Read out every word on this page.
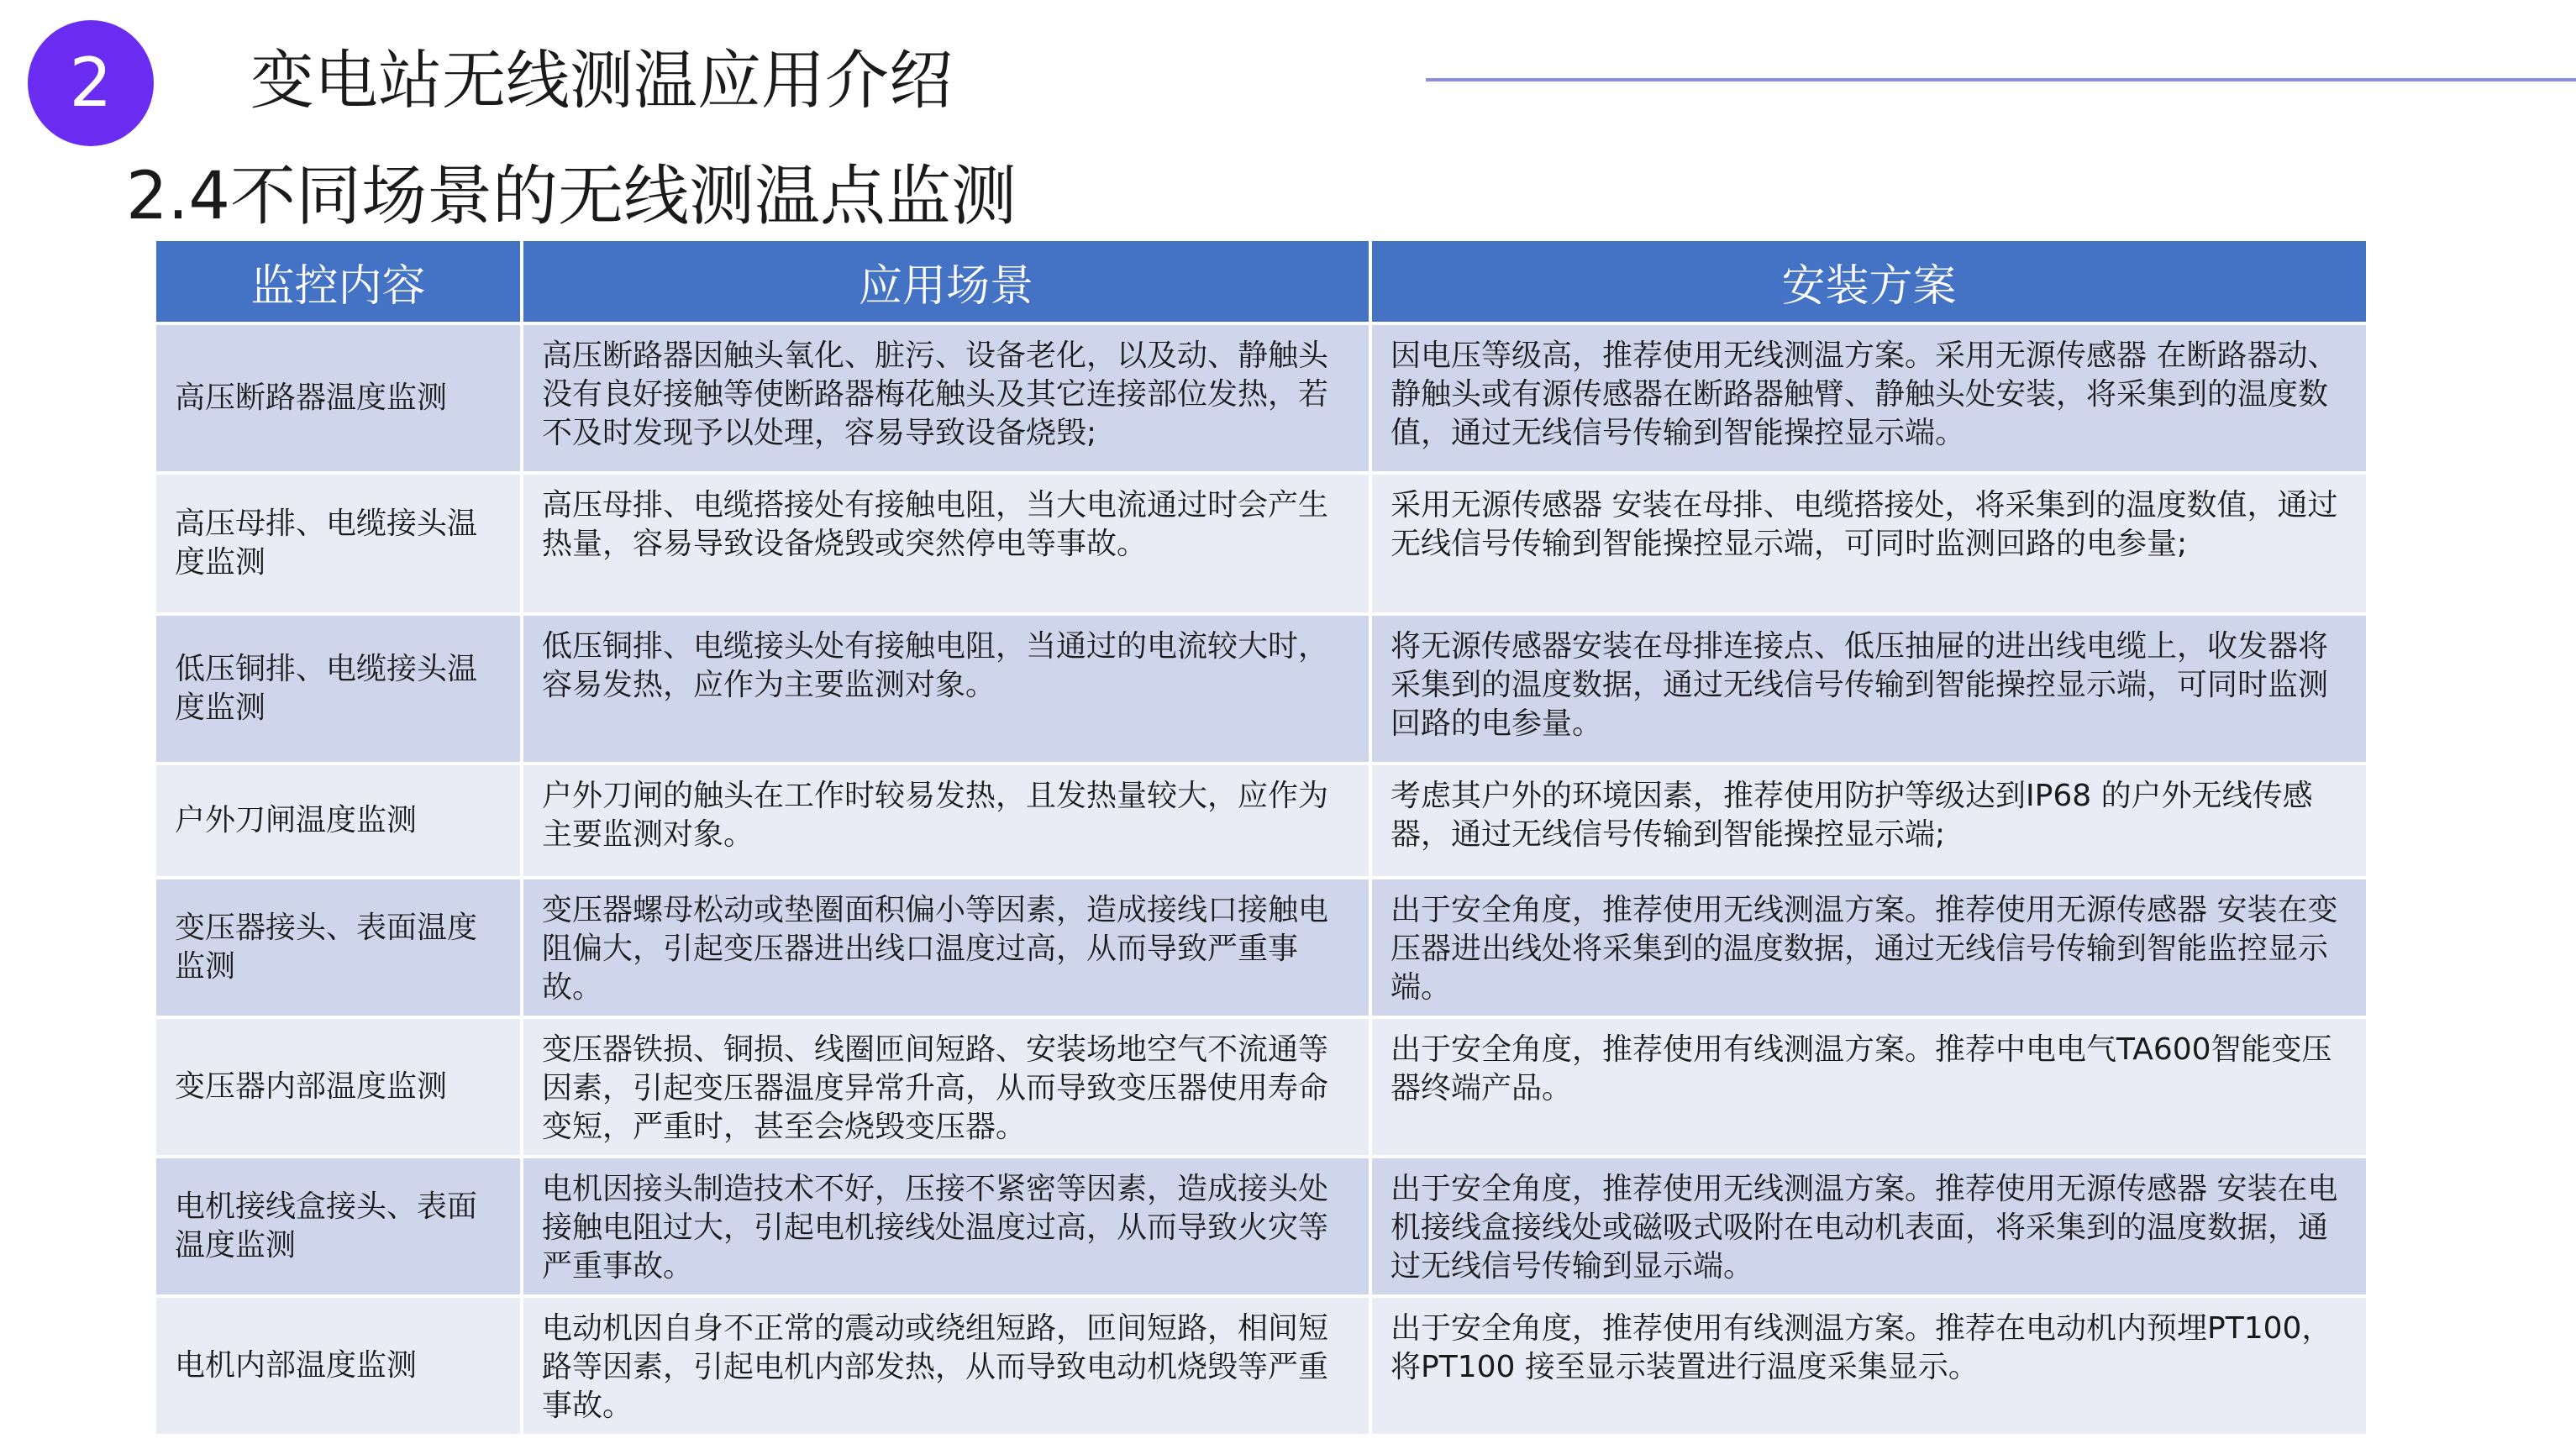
2 变电站无线测温应用介绍
2.4不同场景的无线测温点监测
监控内容	应用场景	安装方案
高压断路器温度监测	高压断路器因触头氧化、脏污、设备老化，以及动、静触头没有良好接触等使断路器梅花触头及其它连接部位发热，若不及时发现予以处理，容易导致设备烧毁;	因电压等级高，推荐使用无线测温方案。采用无源传感器 在断路器动、静触头或有源传感器在断路器触臂、静触头处安装，将采集到的温度数值，通过无线信号传输到智能操控显示端。
高压母排、电缆接头温度监测	高压母排、电缆搭接处有接触电阻，当大电流通过时会产生热量，容易导致设备烧毁或突然停电等事故。	采用无源传感器 安装在母排、电缆搭接处，将采集到的温度数值，通过无线信号传输到智能操控显示端，可同时监测回路的电参量;
低压铜排、电缆接头温度监测	低压铜排、电缆接头处有接触电阻，当通过的电流较大时，容易发热，应作为主要监测对象。	将无源传感器安装在母排连接点、低压抽屉的进出线电缆上，收发器将采集到的温度数据，通过无线信号传输到智能操控显示端，可同时监测回路的电参量。
户外刀闸温度监测	户外刀闸的触头在工作时较易发热，且发热量较大，应作为主要监测对象。	考虑其户外的环境因素，推荐使用防护等级达到IP68 的户外无线传感器，通过无线信号传输到智能操控显示端;
变压器接头、表面温度监测	变压器螺母松动或垫圈面积偏小等因素，造成接线口接触电阻偏大，引起变压器进出线口温度过高，从而导致严重事故。	出于安全角度，推荐使用无线测温方案。推荐使用无源传感器 安装在变压器进出线处将采集到的温度数据，通过无线信号传输到智能监控显示端。
变压器内部温度监测	变压器铁损、铜损、线圈匝间短路、安装场地空气不流通等因素，引起变压器温度异常升高，从而导致变压器使用寿命变短，严重时，甚至会烧毁变压器。	出于安全角度，推荐使用有线测温方案。推荐中电电气TA600智能变压器终端产品。
电机接线盒接头、表面温度监测	电机因接头制造技术不好，压接不紧密等因素，造成接头处接触电阻过大，引起电机接线处温度过高，从而导致火灾等严重事故。	出于安全角度，推荐使用无线测温方案。推荐使用无源传感器 安装在电机接线盒接线处或磁吸式吸附在电动机表面，将采集到的温度数据，通过无线信号传输到显示端。
电机内部温度监测	电动机因自身不正常的震动或绕组短路，匝间短路，相间短路等因素，引起电机内部发热，从而导致电动机烧毁等严重事故。	出于安全角度，推荐使用有线测温方案。推荐在电动机内预埋PT100，将PT100 接至显示装置进行温度采集显示。
